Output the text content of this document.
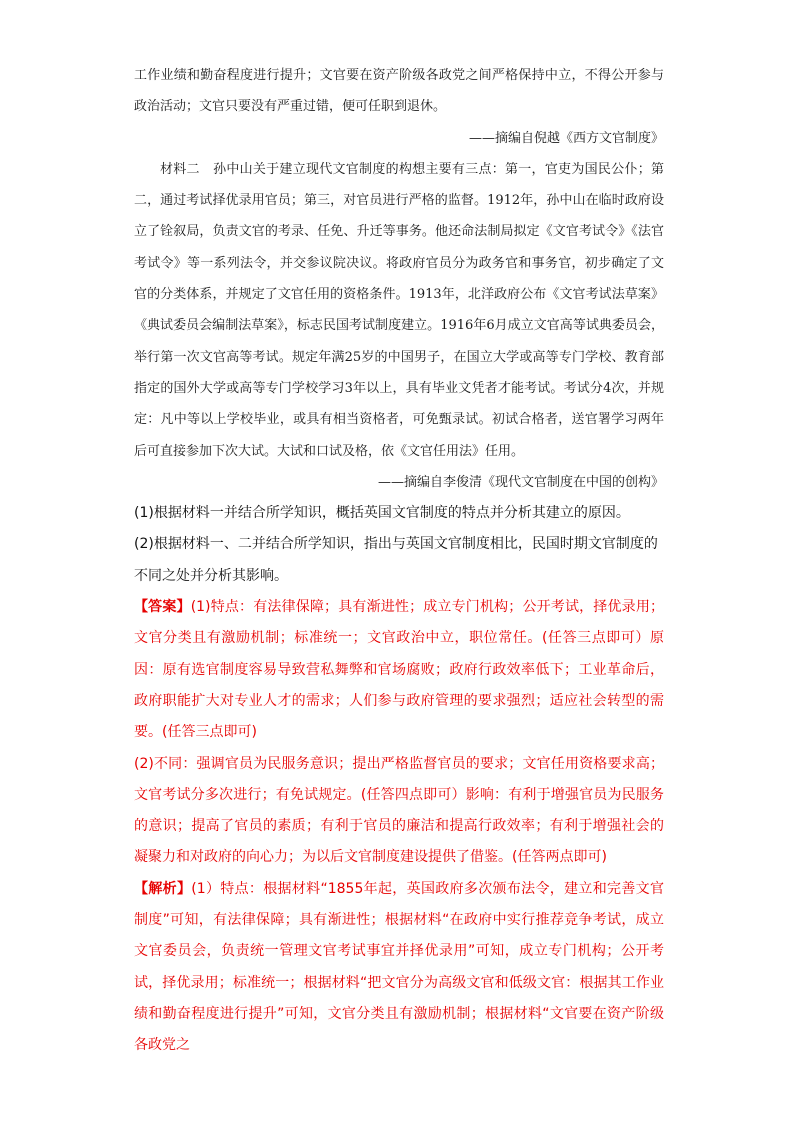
工作业绩和勤奋程度进行提升；文官要在资产阶级各政党之间严格保持中立，不得公开参与政治活动；文官只要没有严重过错，便可任职到退休。

——摘编自倪越《西方文官制度》

材料二　孙中山关于建立现代文官制度的构想主要有三点：第一，官吏为国民公仆；第二，通过考试择优录用官员；第三，对官员进行严格的监督。1912年，孙中山在临时政府设立了铨叙局，负责文官的考录、任免、升迁等事务。他还命法制局拟定《文官考试令》《法官考试令》等一系列法令，并交参议院决议。将政府官员分为政务官和事务官，初步确定了文官的分类体系，并规定了文官任用的资格条件。1913年，北洋政府公布《文官考试法草案》《典试委员会编制法草案》，标志民国考试制度建立。1916年6月成立文官高等试典委员会，举行第一次文官高等考试。规定年满25岁的中国男子，在国立大学或高等专门学校、教育部指定的国外大学或高等专门学校学习3年以上，具有毕业文凭者才能考试。考试分4次，并规定：凡中等以上学校毕业，或具有相当资格者，可免甄录试。初试合格者，送官署学习两年后可直接参加下次大试。大试和口试及格，依《文官任用法》任用。

——摘编自李俊清《现代文官制度在中国的创构》

(1)根据材料一并结合所学知识，概括英国文官制度的特点并分析其建立的原因。

(2)根据材料一、二并结合所学知识，指出与英国文官制度相比，民国时期文官制度的不同之处并分析其影响。

【答案】(1)特点：有法律保障；具有渐进性；成立专门机构；公开考试，择优录用；文官分类且有激励机制；标准统一；文官政治中立，职位常任。(任答三点即可）原因：原有选官制度容易导致营私舞弊和官场腐败；政府行政效率低下；工业革命后，政府职能扩大对专业人才的需求；人们参与政府管理的要求强烈；适应社会转型的需要。(任答三点即可)

(2)不同：强调官员为民服务意识；提出严格监督官员的要求；文官任用资格要求高；文官考试分多次进行；有免试规定。(任答四点即可）影响：有利于增强官员为民服务的意识；提高了官员的素质；有利于官员的廉洁和提高行政效率；有利于增强社会的凝聚力和对政府的向心力；为以后文官制度建设提供了借鉴。(任答两点即可)

【解析】(1）特点：根据材料“1855年起，英国政府多次颁布法令，建立和完善文官制度”可知，有法律保障；具有渐进性；根据材料“在政府中实行推荐竞争考试，成立文官委员会，负责统一管理文官考试事宜并择优录用”可知，成立专门机构；公开考试，择优录用；标准统一；根据材料“把文官分为高级文官和低级文官：根据其工作业绩和勤奋程度进行提升”可知，文官分类且有激励机制；根据材料“文官要在资产阶级各政党之
